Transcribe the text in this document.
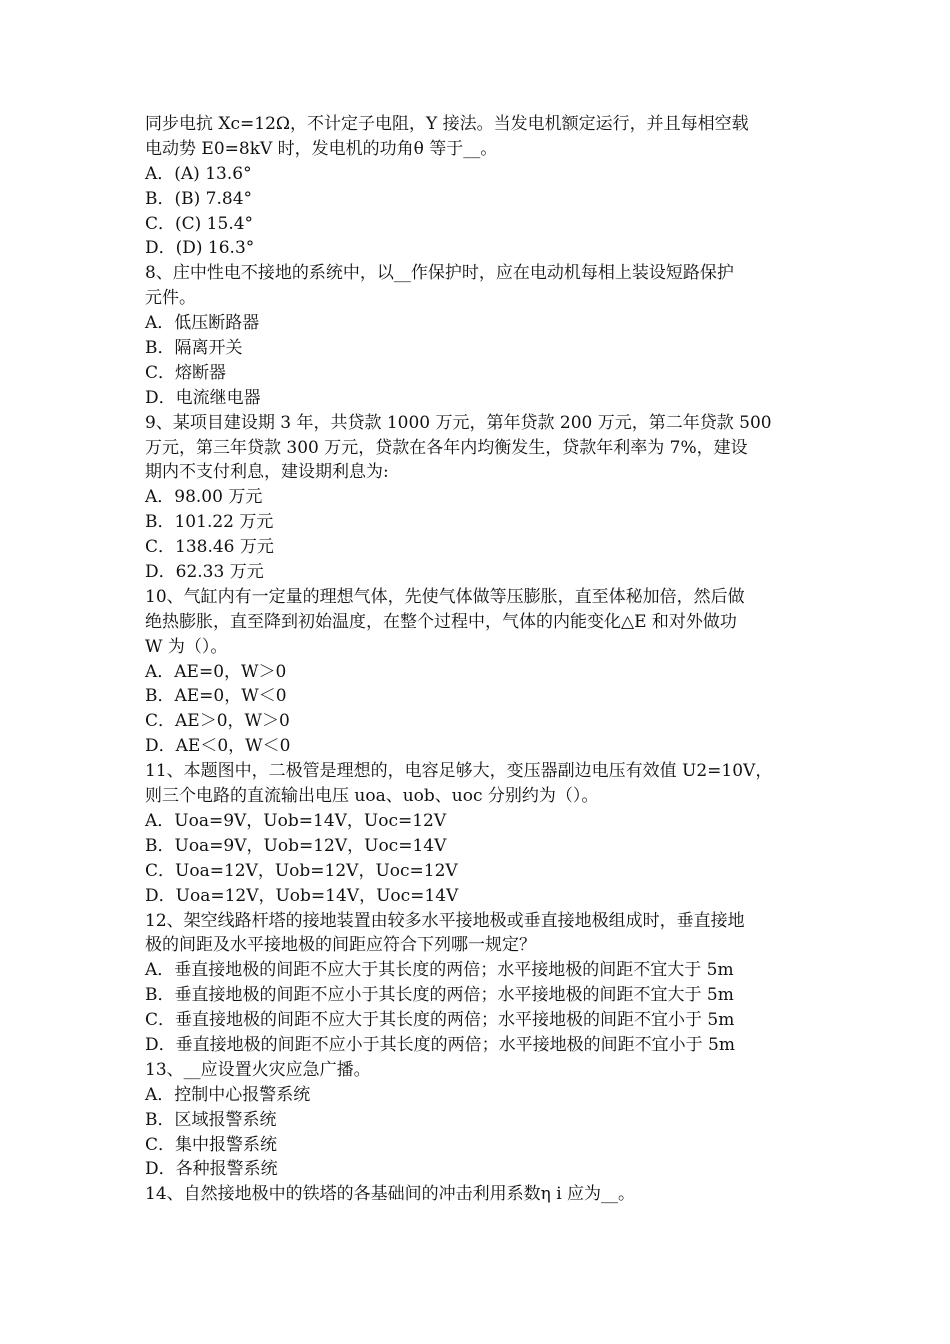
同步电抗 Xc=12Ω，不计定子电阻，Y 接法。当发电机额定运行，并且每相空载
电动势 E0=8kV 时，发电机的功角θ 等于__。
A．(A) 13.6°
B．(B) 7.84°
C．(C) 15.4°
D．(D) 16.3°
8、庄中性电不接地的系统中，以__作保护时，应在电动机每相上装设短路保护
元件。
A．低压断路器
B．隔离开关
C．熔断器
D．电流继电器
9、某项目建设期 3 年，共贷款 1000 万元，第年贷款 200 万元，第二年贷款 500
万元，第三年贷款 300 万元，贷款在各年内均衡发生，贷款年利率为 7%，建设
期内不支付利息，建设期利息为:
A．98.00 万元
B．101.22 万元
C．138.46 万元
D．62.33 万元
10、气缸内有一定量的理想气体，先使气体做等压膨胀，直至体秘加倍，然后做
绝热膨胀，直至降到初始温度，在整个过程中，气体的内能变化△E 和对外做功
W 为（）。
A．AE=0，W＞0
B．AE=0，W＜0
C．AE＞0，W＞0
D．AE＜0，W＜0
11、本题图中，二极管是理想的，电容足够大，变压器副边电压有效值 U2=10V，
则三个电路的直流输出电压 uoa、uob、uoc 分别约为（）。
A．Uoa=9V，Uob=14V，Uoc=12V
B．Uoa=9V，Uob=12V，Uoc=14V
C．Uoa=12V，Uob=12V，Uoc=12V
D．Uoa=12V，Uob=14V，Uoc=14V
12、架空线路杆塔的接地装置由较多水平接地极或垂直接地极组成时，垂直接地
极的间距及水平接地极的间距应符合下列哪一规定？
A．垂直接地极的间距不应大于其长度的两倍；水平接地极的间距不宜大于 5m
B．垂直接地极的间距不应小于其长度的两倍；水平接地极的间距不宜大于 5m
C．垂直接地极的间距不应大于其长度的两倍；水平接地极的间距不宜小于 5m
D．垂直接地极的间距不应小于其长度的两倍；水平接地极的间距不宜小于 5m
13、__应设置火灾应急广播。
A．控制中心报警系统
B．区域报警系统
C．集中报警系统
D．各种报警系统
14、自然接地极中的铁塔的各基础间的冲击利用系数η i 应为__。
